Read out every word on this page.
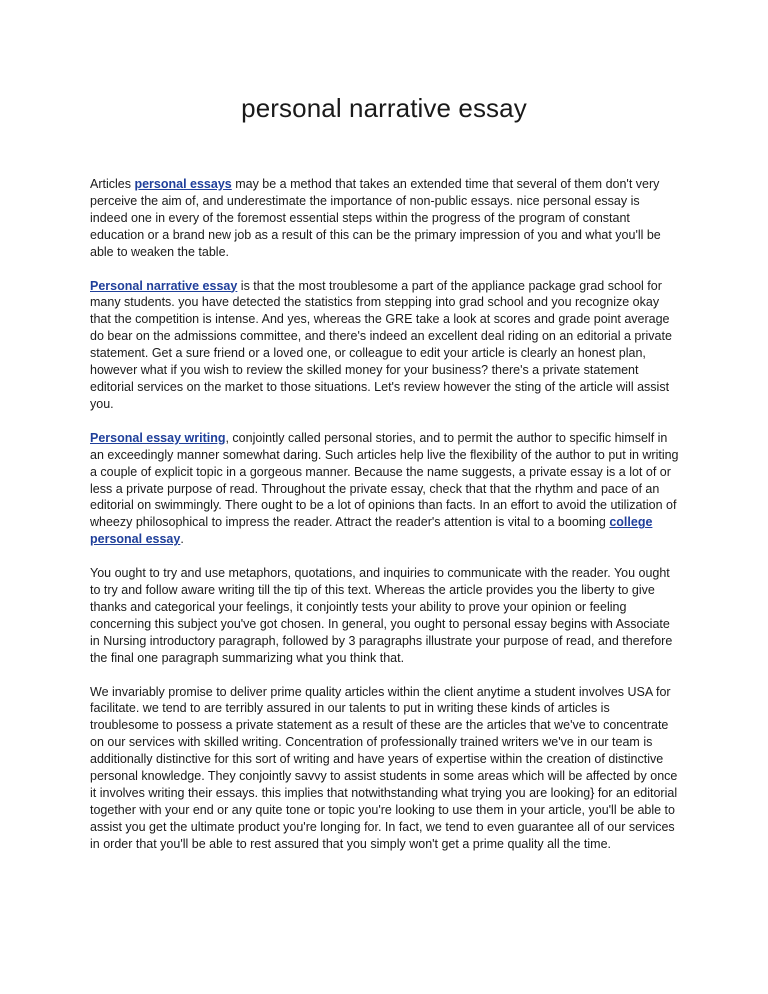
personal narrative essay

Articles personal essays may be a method that takes an extended time that several of them don't very perceive the aim of, and underestimate the importance of non-public essays. nice personal essay is indeed one in every of the foremost essential steps within the progress of the program of constant education or a brand new job as a result of this can be the primary impression of you and what you'll be able to weaken the table.

Personal narrative essay is that the most troublesome a part of the appliance package grad school for many students. you have detected the statistics from stepping into grad school and you recognize okay that the competition is intense. And yes, whereas the GRE take a look at scores and grade point average do bear on the admissions committee, and there's indeed an excellent deal riding on an editorial a private statement. Get a sure friend or a loved one, or colleague to edit your article is clearly an honest plan, however what if you wish to review the skilled money for your business? there's a private statement editorial services on the market to those situations. Let's review however the sting of the article will assist you.

Personal essay writing, conjointly called personal stories, and to permit the author to specific himself in an exceedingly manner somewhat daring. Such articles help live the flexibility of the author to put in writing a couple of explicit topic in a gorgeous manner. Because the name suggests, a private essay is a lot of or less a private purpose of read. Throughout the private essay, check that that the rhythm and pace of an editorial on swimmingly. There ought to be a lot of opinions than facts. In an effort to avoid the utilization of wheezy philosophical to impress the reader. Attract the reader's attention is vital to a booming college personal essay.

You ought to try and use metaphors, quotations, and inquiries to communicate with the reader. You ought to try and follow aware writing till the tip of this text. Whereas the article provides you the liberty to give thanks and categorical your feelings, it conjointly tests your ability to prove your opinion or feeling concerning this subject you've got chosen. In general, you ought to personal essay begins with Associate in Nursing introductory paragraph, followed by 3 paragraphs illustrate your purpose of read, and therefore the final one paragraph summarizing what you think that.

We invariably promise to deliver prime quality articles within the client anytime a student involves USA for facilitate. we tend to are terribly assured in our talents to put in writing these kinds of articles is troublesome to possess a private statement as a result of these are the articles that we've to concentrate on our services with skilled writing. Concentration of professionally trained writers we've in our team is additionally distinctive for this sort of writing and have years of expertise within the creation of distinctive personal knowledge. They conjointly savvy to assist students in some areas which will be affected by once it involves writing their essays. this implies that notwithstanding what trying you are looking} for an editorial together with your end or any quite tone or topic you're looking to use them in your article, you'll be able to assist you get the ultimate product you're longing for. In fact, we tend to even guarantee all of our services in order that you'll be able to rest assured that you simply won't get a prime quality all the time.
